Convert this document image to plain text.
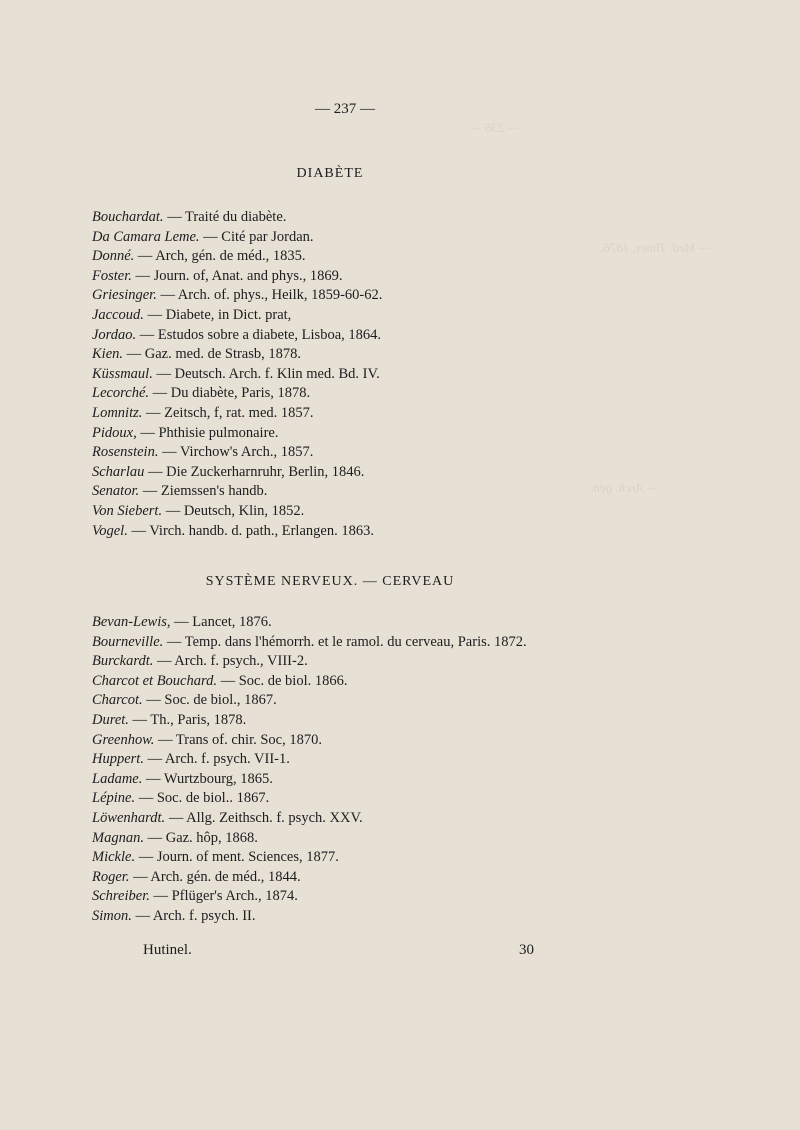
— 236 —
— Med. Times, 1876.
— Arch. gén.
— 237 —
DIABÈTE
Bouchardat. — Traité du diabète.
Da Camara Leme. — Cité par Jordan.
Donné. — Arch, gén. de méd., 1835.
Foster. — Journ. of, Anat. and phys., 1869.
Griesinger. — Arch. of. phys., Heilk, 1859-60-62.
Jaccoud. — Diabete, in Dict. prat,
Jordao. — Estudos sobre a diabete, Lisboa, 1864.
Kien. — Gaz. med. de Strasb, 1878.
Küssmaul. — Deutsch. Arch. f. Klin med. Bd. IV.
Lecorché. — Du diabète, Paris, 1878.
Lomnitz. — Zeitsch, f, rat. med. 1857.
Pidoux, — Phthisie pulmonaire.
Rosenstein. — Virchow's Arch., 1857.
Scharlau — Die Zuckerharnruhr, Berlin, 1846.
Senator. — Ziemssen's handb.
Von Siebert. — Deutsch, Klin, 1852.
Vogel. — Virch. handb. d. path., Erlangen. 1863.
SYSTÈME NERVEUX. — CERVEAU
Bevan-Lewis, — Lancet, 1876.
Bourneville. — Temp. dans l'hémorrh. et le ramol. du cerveau, Paris. 1872.
Burckardt. — Arch. f. psych., VIII-2.
Charcot et Bouchard. — Soc. de biol. 1866.
Charcot. — Soc. de biol., 1867.
Duret. — Th., Paris, 1878.
Greenhow. — Trans of. chir. Soc, 1870.
Huppert. — Arch. f. psych. VII-1.
Ladame. — Wurtzbourg, 1865.
Lépine. — Soc. de biol.. 1867.
Löwenhardt. — Allg. Zeithsch. f. psych. XXV.
Magnan. — Gaz. hôp, 1868.
Mickle. — Journ. of ment. Sciences, 1877.
Roger. — Arch. gén. de méd., 1844.
Schreiber. — Pflüger's Arch., 1874.
Simon. — Arch. f. psych. II.
Hutinel.	30
